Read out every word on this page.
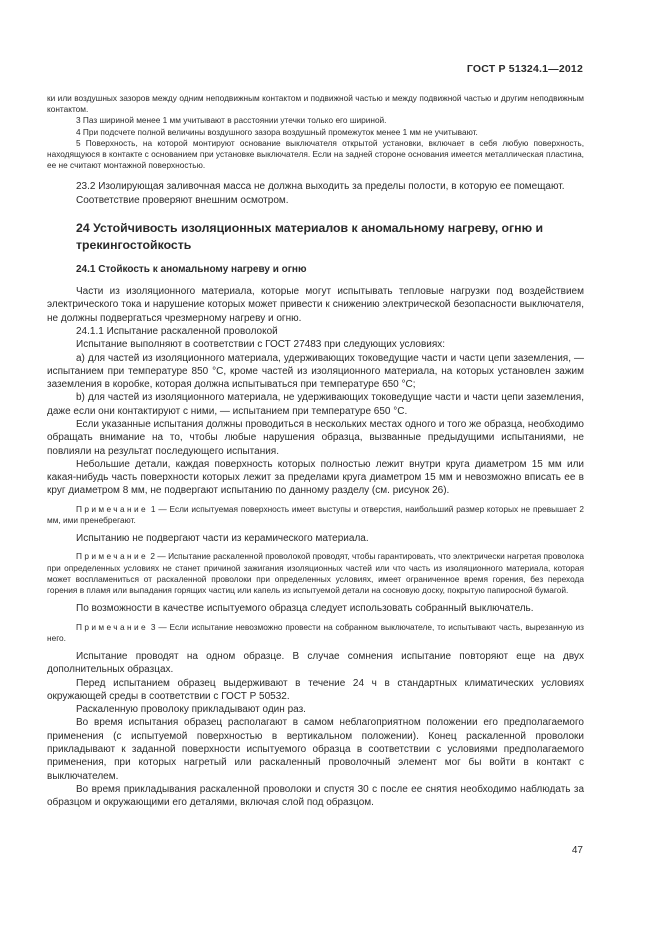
ГОСТ Р 51324.1—2012

ки или воздушных зазоров между одним неподвижным контактом и подвижной частью и между подвижной частью и другим неподвижным контактом.

3 Паз шириной менее 1 мм учитывают в расстоянии утечки только его шириной.

4 При подсчете полной величины воздушного зазора воздушный промежуток менее 1 мм не учитывают.

5 Поверхность, на которой монтируют основание выключателя открытой установки, включает в себя любую поверхность, находящуюся в контакте с основанием при установке выключателя. Если на задней стороне основания имеется металлическая пластина, ее не считают монтажной поверхностью.

23.2 Изолирующая заливочная масса не должна выходить за пределы полости, в которую ее помещают.

Соответствие проверяют внешним осмотром.

24 Устойчивость изоляционных материалов к аномальному нагреву, огню и трекингостойкость
24.1 Стойкость к аномальному нагреву и огню

Части из изоляционного материала, которые могут испытывать тепловые нагрузки под воздействием электрического тока и нарушение которых может привести к снижению электрической безопасности выключателя, не должны подвергаться чрезмерному нагреву и огню.

24.1.1 Испытание раскаленной проволокой

Испытание выполняют в соответствии с ГОСТ 27483 при следующих условиях:

а) для частей из изоляционного материала, удерживающих токоведущие части и части цепи заземления, — испытанием при температуре 850 °С, кроме частей из изоляционного материала, на которых установлен зажим заземления в коробке, которая должна испытываться при температуре 650 °С;

b) для частей из изоляционного материала, не удерживающих токоведущие части и части цепи заземления, даже если они контактируют с ними, — испытанием при температуре 650 °С.

Если указанные испытания должны проводиться в нескольких местах одного и того же образца, необходимо обращать внимание на то, чтобы любые нарушения образца, вызванные предыдущими испытаниями, не повлияли на результат последующего испытания.

Небольшие детали, каждая поверхность которых полностью лежит внутри круга диаметром 15 мм или какая-нибудь часть поверхности которых лежит за пределами круга диаметром 15 мм и невозможно вписать ее в круг диаметром 8 мм, не подвергают испытанию по данному разделу (см. рисунок 26).

Примечание 1 — Если испытуемая поверхность имеет выступы и отверстия, наибольший размер которых не превышает 2 мм, ими пренебрегают.

Испытанию не подвергают части из керамического материала.

Примечание 2 — Испытание раскаленной проволокой проводят, чтобы гарантировать, что электрически нагретая проволока при определенных условиях не станет причиной зажигания изоляционных частей или что часть из изоляционного материала, которая может воспламениться от раскаленной проволоки при определенных условиях, имеет ограниченное время горения, без перехода горения в пламя или выпадания горящих частиц или капель из испытуемой детали на сосновую доску, покрытую папиросной бумагой.

По возможности в качестве испытуемого образца следует использовать собранный выключатель.

Примечание 3 — Если испытание невозможно провести на собранном выключателе, то испытывают часть, вырезанную из него.

Испытание проводят на одном образце. В случае сомнения испытание повторяют еще на двух дополнительных образцах.

Перед испытанием образец выдерживают в течение 24 ч в стандартных климатических условиях окружающей среды в соответствии с ГОСТ Р 50532.

Раскаленную проволоку прикладывают один раз.

Во время испытания образец располагают в самом неблагоприятном положении его предполагаемого применения (с испытуемой поверхностью в вертикальном положении). Конец раскаленной проволоки прикладывают к заданной поверхности испытуемого образца в соответствии с условиями предполагаемого применения, при которых нагретый или раскаленный проволочный элемент мог бы войти в контакт с выключателем.

Во время прикладывания раскаленной проволоки и спустя 30 с после ее снятия необходимо наблюдать за образцом и окружающими его деталями, включая слой под образцом.

47
